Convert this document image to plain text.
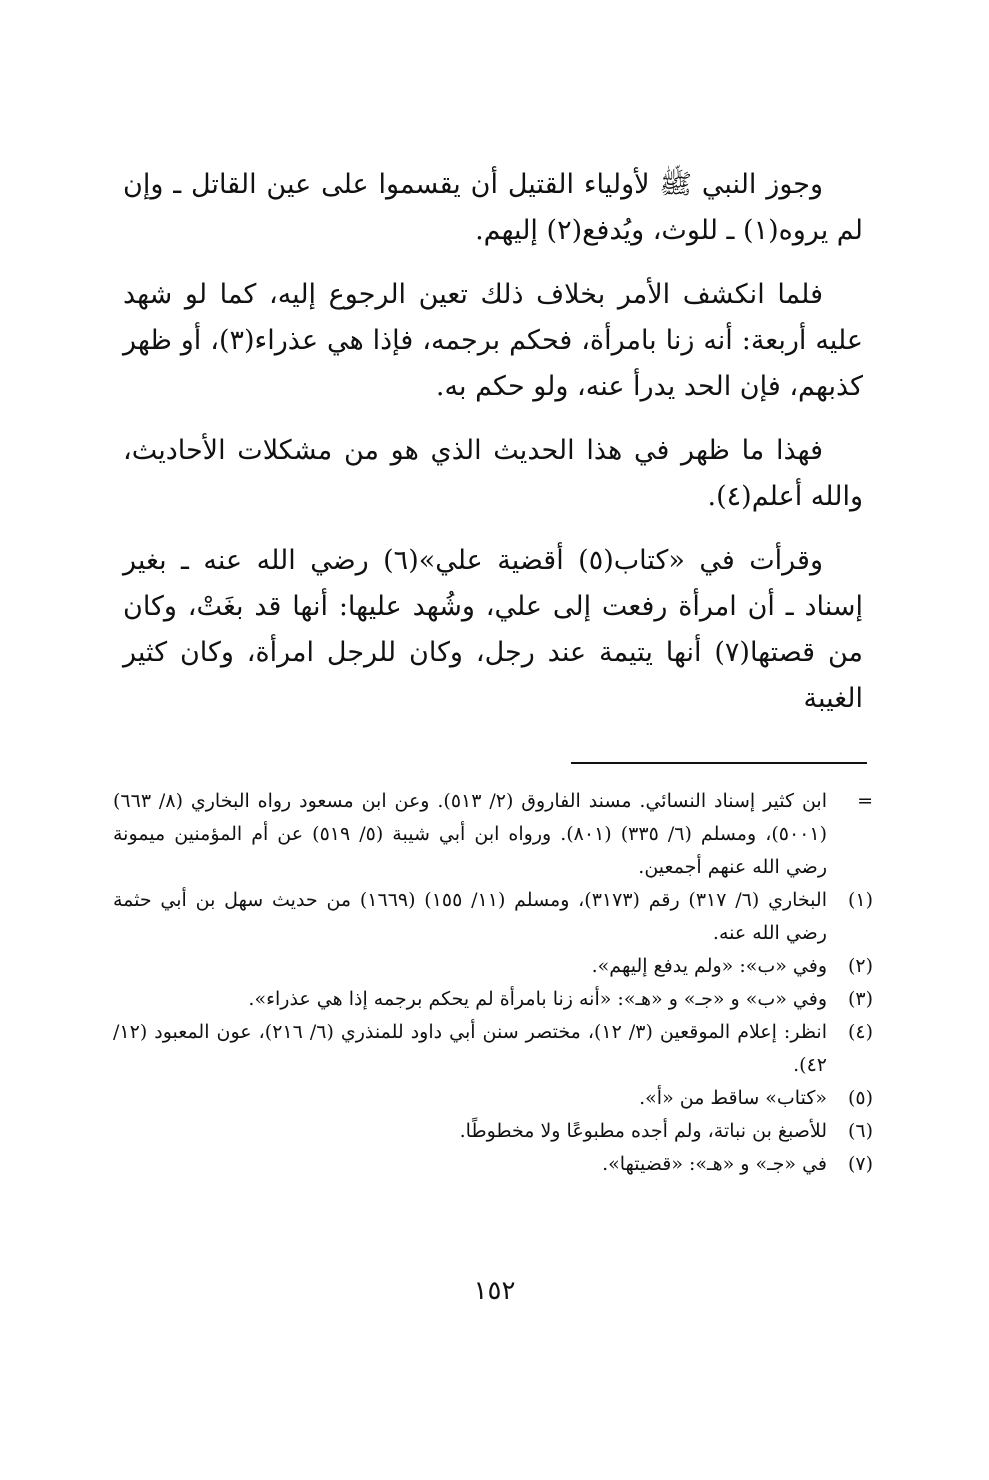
وجوز النبي ﷺ لأولياء القتيل أن يقسموا على عين القاتل ـ وإن لم يروه(١) ـ للوث، ويُدفع(٢) إليهم.

فلما انكشف الأمر بخلاف ذلك تعين الرجوع إليه، كما لو شهد عليه أربعة: أنه زنا بامرأة، فحكم برجمه، فإذا هي عذراء(٣)، أو ظهر كذبهم، فإن الحد يدرأ عنه، ولو حكم به.

فهذا ما ظهر في هذا الحديث الذي هو من مشكلات الأحاديث، والله أعلم(٤).

وقرأت في «كتاب(٥) أقضية علي»(٦) رضي الله عنه ـ بغير إسناد ـ أن امرأة رفعت إلى علي، وشُهد عليها: أنها قد بغَتْ، وكان من قصتها(٧) أنها يتيمة عند رجل، وكان للرجل امرأة، وكان كثير الغيبة

=
ابن كثير إسناد النسائي. مسند الفاروق (٢/ ٥١٣). وعن ابن مسعود رواه البخاري (٨/ ٦٦٣) (٥٠٠١)، ومسلم (٦/ ٣٣٥) (٨٠١). ورواه ابن أبي شيبة (٥/ ٥١٩) عن أم المؤمنين ميمونة رضي الله عنهم أجمعين.
(١)
البخاري (٦/ ٣١٧) رقم (٣١٧٣)، ومسلم (١١/ ١٥٥) (١٦٦٩) من حديث سهل بن أبي حثمة رضي الله عنه.
(٢)
وفي «ب»: «ولم يدفع إليهم».
(٣)
وفي «ب» و «جـ» و «هـ»: «أنه زنا بامرأة لم يحكم برجمه إذا هي عذراء».
(٤)
انظر: إعلام الموقعين (٣/ ١٢)، مختصر سنن أبي داود للمنذري (٦/ ٢١٦)، عون المعبود (١٢/ ٤٢).
(٥)
«كتاب» ساقط من «أ».
(٦)
للأصبغ بن نباتة، ولم أجده مطبوعًا ولا مخطوطًا.
(٧)
في «جـ» و «هـ»: «قضيتها».
١٥٢
